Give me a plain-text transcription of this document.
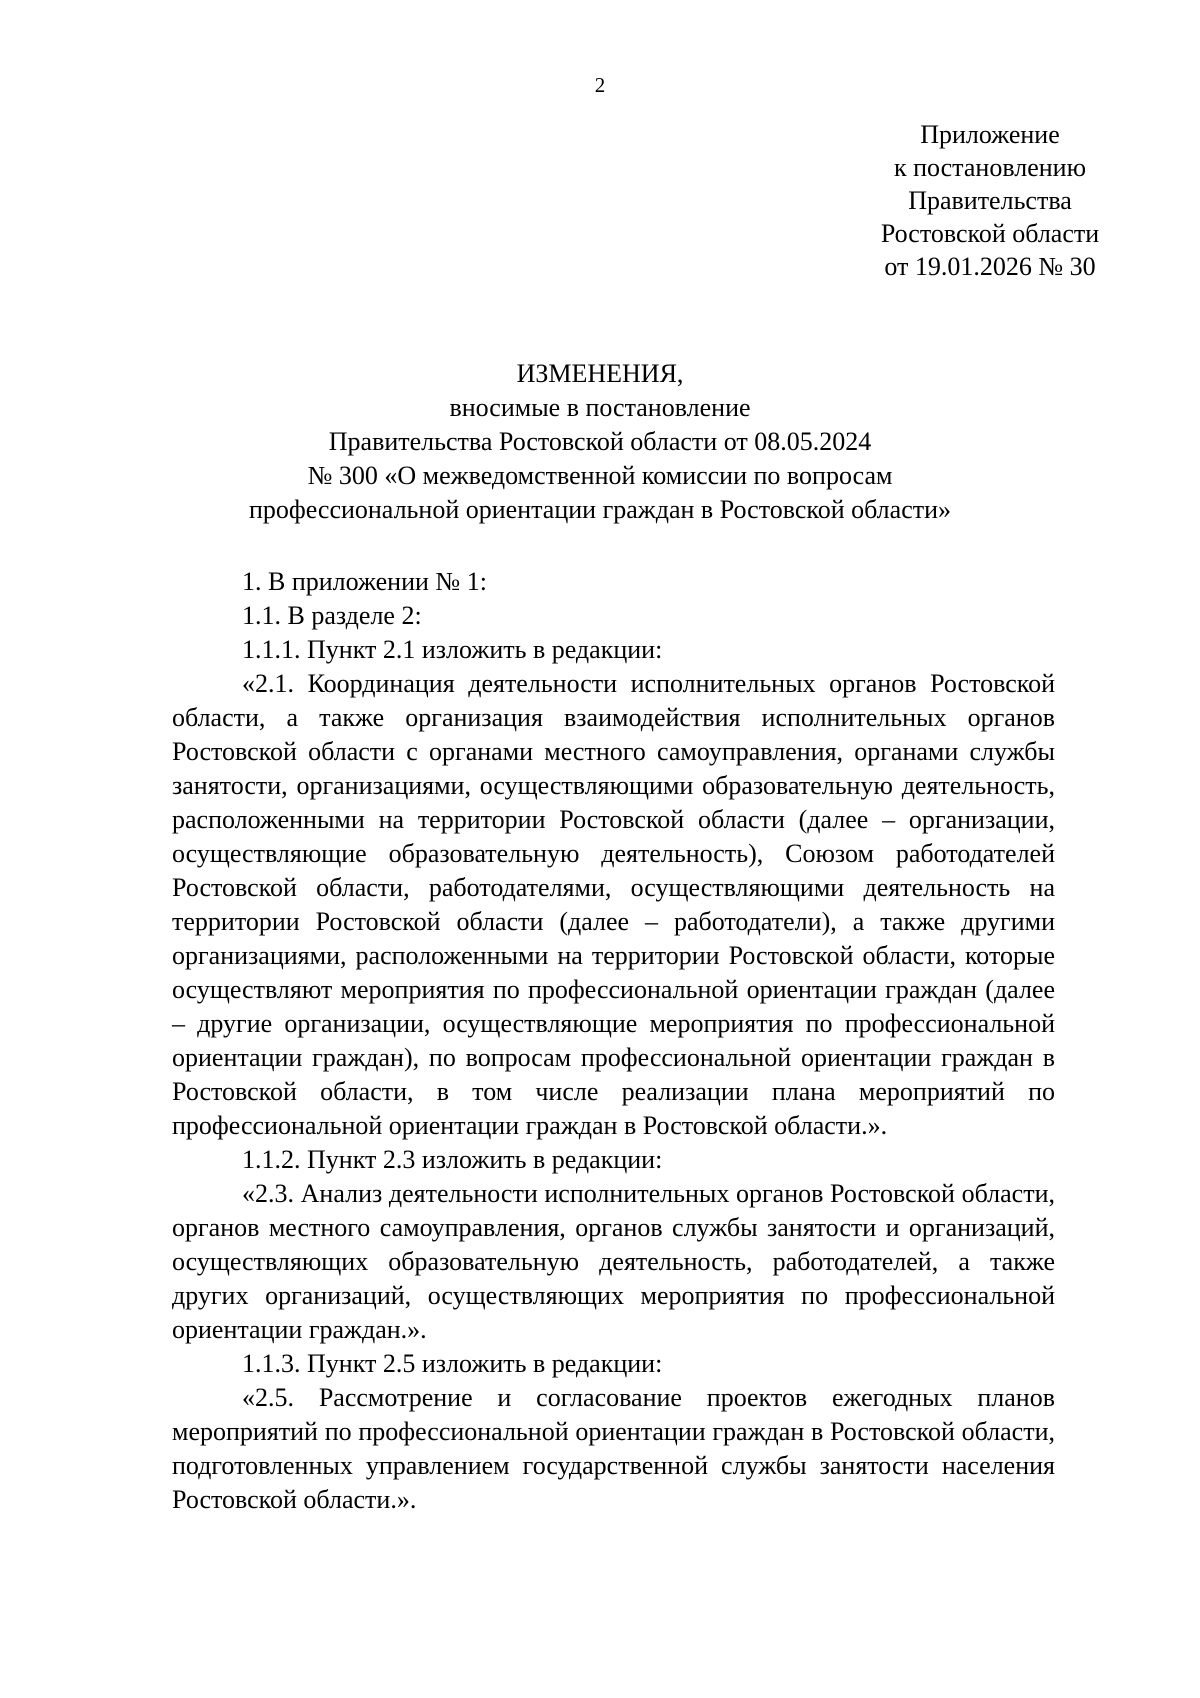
2
Приложение
к постановлению
Правительства
Ростовской области
от 19.01.2026 № 30
ИЗМЕНЕНИЯ,
вносимые в постановление
Правительства Ростовской области от 08.05.2024
№ 300 «О межведомственной комиссии по вопросам
профессиональной ориентации граждан в Ростовской области»

1. В приложении № 1:

1.1. В разделе 2:

1.1.1. Пункт 2.1 изложить в редакции:

«2.1. Координация деятельности исполнительных органов Ростовской области, а также организация взаимодействия исполнительных органов Ростовской области с органами местного самоуправления, органами службы занятости, организациями, осуществляющими образовательную деятельность, расположенными на территории Ростовской области (далее – организации, осуществляющие образовательную деятельность), Союзом работодателей Ростовской области, работодателями, осуществляющими деятельность на территории Ростовской области (далее – работодатели), а также другими организациями, расположенными на территории Ростовской области, которые осуществляют мероприятия по профессиональной ориентации граждан (далее – другие организации, осуществляющие мероприятия по профессиональной ориентации граждан), по вопросам профессиональной ориентации граждан в Ростовской области, в том числе реализации плана мероприятий по профессиональной ориентации граждан в Ростовской области.».

1.1.2. Пункт 2.3 изложить в редакции:

«2.3. Анализ деятельности исполнительных органов Ростовской области, органов местного самоуправления, органов службы занятости и организаций, осуществляющих образовательную деятельность, работодателей, а также других организаций, осуществляющих мероприятия по профессиональной ориентации граждан.».

1.1.3. Пункт 2.5 изложить в редакции:

«2.5. Рассмотрение и согласование проектов ежегодных планов мероприятий по профессиональной ориентации граждан в Ростовской области, подготовленных управлением государственной службы занятости населения Ростовской области.».
